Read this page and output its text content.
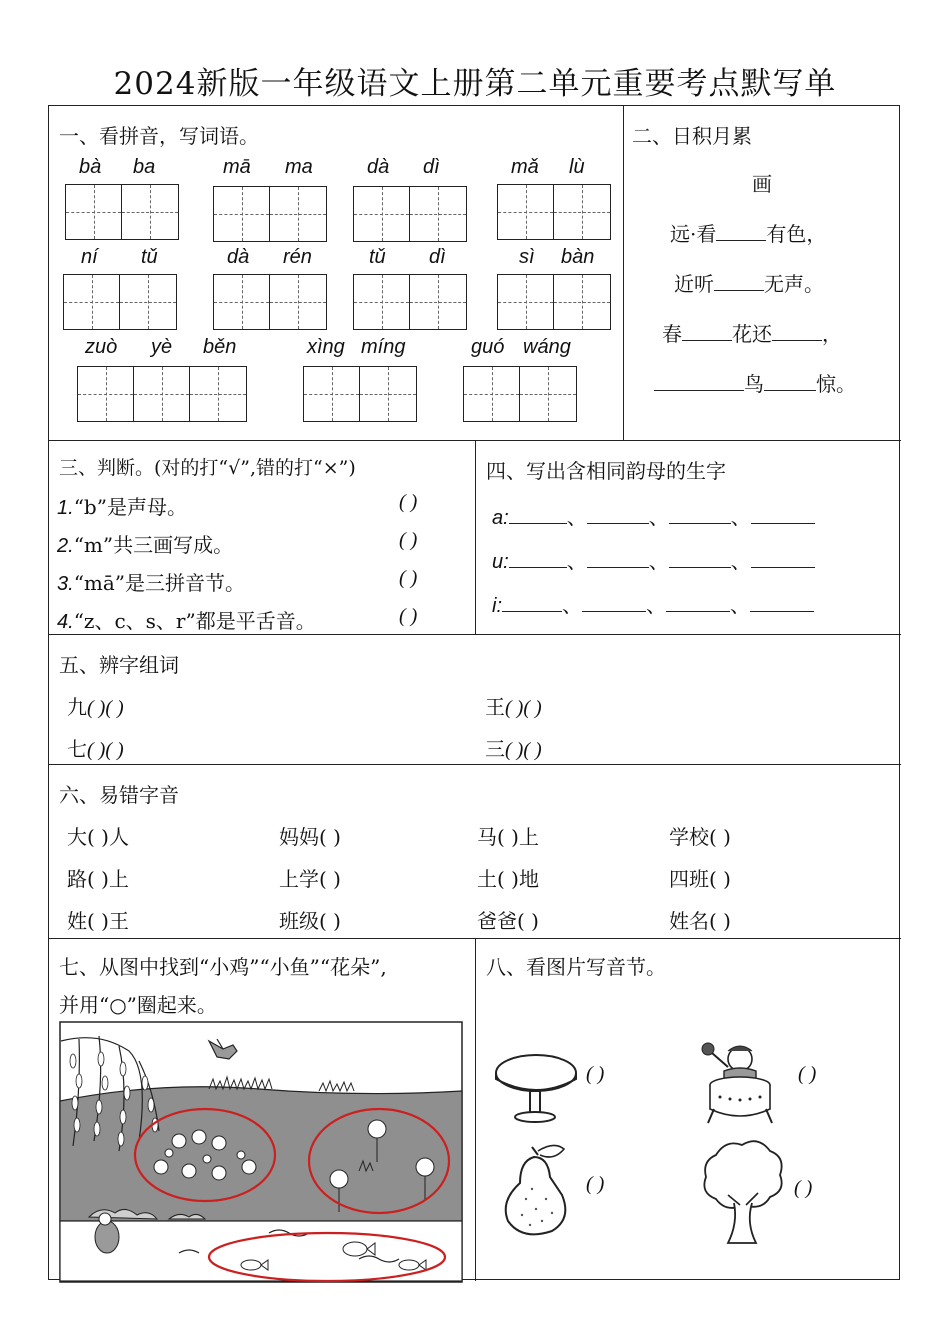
2024新版一年级语文上册第二单元重要考点默写单
一、看拼音，写词语。
bà ba	mā ma	dà dì	mǎ lù
ní tǔ	dà rén	tǔ dì	sì bàn
zuò yè běn	xìng míng	guó wáng
二、日积月累
画
远·看	有色，
近听	无声。
春	花还	，
鸟	惊。
三、判断。(对的打“√”,错的打“×”)
1.“b”是声母。	( )
2.“m”共三画写成。	( )
3.“mā”是三拼音节。	( )
4.“z、c、s、r”都是平舌音。	( )
四、写出含相同韵母的生字
a:	、	、	、
u:	、	、	、
i:	、	、	、
五、辨字组词
九( )( )	王( )( )
七( )( )	三( )( )
六、易错字音
大( )人	妈妈( )	马( )上	学校( )
路( )上	上学( )	土( )地	四班( )
姓( )王	班级( )	爸爸( )	姓名( )
七、从图中找到“小鸡”“小鱼”“花朵”,
并用“○”圈起来。
八、看图片写音节。
( )	( )
( )	( )
